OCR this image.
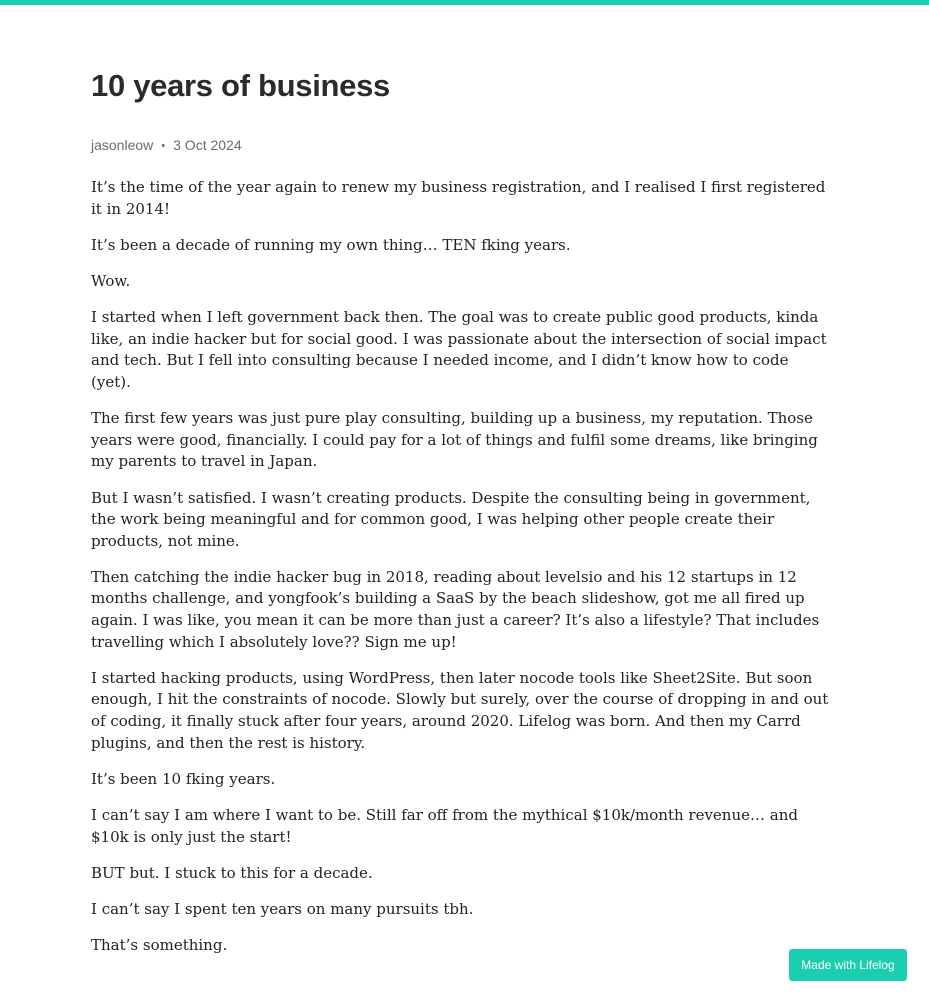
10 years of business
jasonleow • 3 Oct 2024

It’s the time of the year again to renew my business registration, and I realised I first registered it in 2014!

It’s been a decade of running my own thing… TEN fking years.

Wow.

I started when I left government back then. The goal was to create public good products, kinda like, an indie hacker but for social good. I was passionate about the intersection of social impact and tech. But I fell into consulting because I needed income, and I didn’t know how to code (yet).

The first few years was just pure play consulting, building up a business, my reputation. Those years were good, financially. I could pay for a lot of things and fulfil some dreams, like bringing my parents to travel in Japan.

But I wasn’t satisfied. I wasn’t creating products. Despite the consulting being in government, the work being meaningful and for common good, I was helping other people create their products, not mine.

Then catching the indie hacker bug in 2018, reading about levelsio and his 12 startups in 12 months challenge, and yongfook’s building a SaaS by the beach slideshow, got me all fired up again. I was like, you mean it can be more than just a career? It’s also a lifestyle? That includes travelling which I absolutely love?? Sign me up!

I started hacking products, using WordPress, then later nocode tools like Sheet2Site. But soon enough, I hit the constraints of nocode. Slowly but surely, over the course of dropping in and out of coding, it finally stuck after four years, around 2020. Lifelog was born. And then my Carrd plugins, and then the rest is history.

It’s been 10 fking years.

I can’t say I am where I want to be. Still far off from the mythical $10k/month revenue… and $10k is only just the start!

BUT but. I stuck to this for a decade.

I can’t say I spent ten years on many pursuits tbh.

That’s something.

Made with Lifelog
